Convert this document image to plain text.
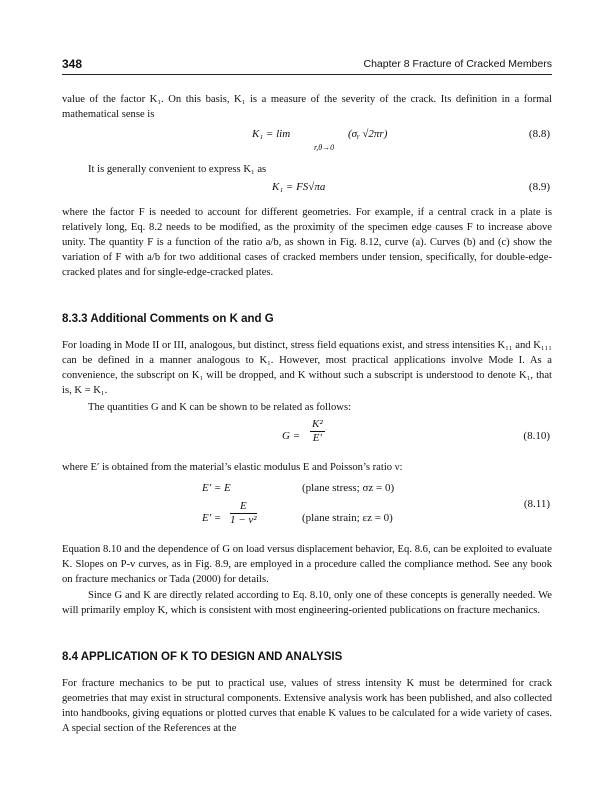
348	Chapter 8 Fracture of Cracked Members
value of the factor K₁. On this basis, K₁ is a measure of the severity of the crack. Its definition in a formal mathematical sense is
K₁ = lim
r,θ→0
(σᵧ √2πr)	(8.8)
It is generally convenient to express K₁ as
K₁ = FS√πa	(8.9)
where the factor F is needed to account for different geometries. For example, if a central crack in a plate is relatively long, Eq. 8.2 needs to be modified, as the proximity of the specimen edge causes F to increase above unity. The quantity F is a function of the ratio a/b, as shown in Fig. 8.12, curve (a). Curves (b) and (c) show the variation of F with a/b for two additional cases of cracked members under tension, specifically, for double-edge-cracked plates and for single-edge-cracked plates.
8.3.3 Additional Comments on K and G
For loading in Mode II or III, analogous, but distinct, stress field equations exist, and stress intensities K₁₁ and K₁₁₁ can be defined in a manner analogous to K₁. However, most practical applications involve Mode I. As a convenience, the subscript on K₁ will be dropped, and K without such a subscript is understood to denote K₁, that is, K = K₁.
The quantities G and K can be shown to be related as follows:
$G = \frac{\text{K²}}{E'}$	(8.10)
where E′ is obtained from the material’s elastic modulus E and Poisson’s ratio ν:
E′ = E	(plane stress; σz = 0)
$E' = \frac{E}{\text{1 − ν²}}$	(plane strain; εz = 0)
(8.11)
Equation 8.10 and the dependence of G on load versus displacement behavior, Eq. 8.6, can be exploited to evaluate K. Slopes on P-v curves, as in Fig. 8.9, are employed in a procedure called the compliance method. See any book on fracture mechanics or Tada (2000) for details.
Since G and K are directly related according to Eq. 8.10, only one of these concepts is generally needed. We will primarily employ K, which is consistent with most engineering-oriented publications on fracture mechanics.
8.4 APPLICATION OF K TO DESIGN AND ANALYSIS
For fracture mechanics to be put to practical use, values of stress intensity K must be determined for crack geometries that may exist in structural components. Extensive analysis work has been published, and also collected into handbooks, giving equations or plotted curves that enable K values to be calculated for a wide variety of cases. A special section of the References at the
